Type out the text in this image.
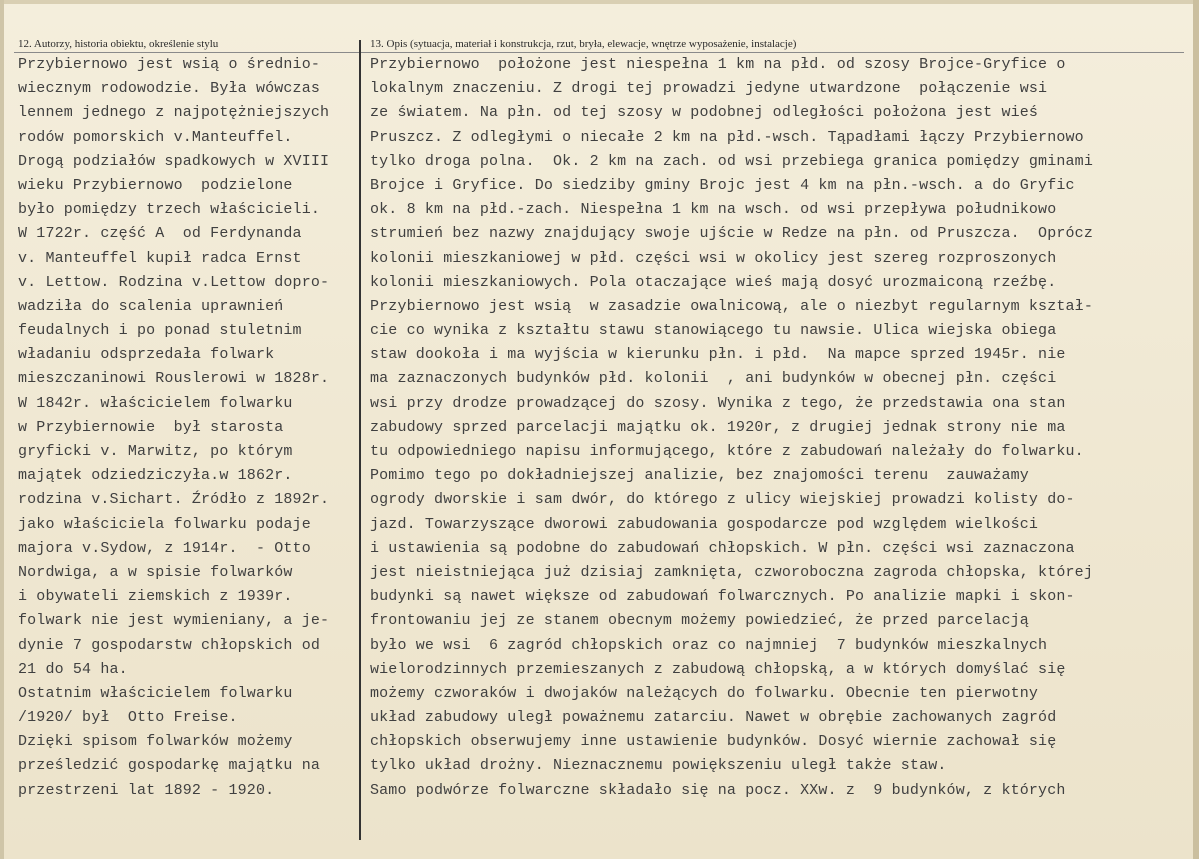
12. Autorzy, historia obiektu, określenie stylu	13. Opis (sytuacja, materiał i konstrukcja, rzut, bryła, elewacje, wnętrze wyposażenie, instalacje)
Przybiernowo jest wsią o średnio-
wiecznym rodowodzie. Była wówczas
lennem jednego z najpotężniejszych
rodów pomorskich v.Manteuffel.
Drogą podziałów spadkowych w XVIII
wieku Przybiernowo  podzielone
było pomiędzy trzech właścicieli.
W 1722r. część A  od Ferdynanda
v. Manteuffel kupił radca Ernst
v. Lettow. Rodzina v.Lettow dopro-
wadziła do scalenia uprawnień
feudalnych i po ponad stuletnim
władaniu odsprzedała folwark
mieszczaninowi Rouslerowi w 1828r.
W 1842r. właścicielem folwarku
w Przybiernowie  był starosta
gryficki v. Marwitz, po którym
majątek odziedziczyła.w 1862r.
rodzina v.Sichart. Źródło z 1892r.
jako właściciela folwarku podaje
majora v.Sydow, z 1914r.  - Otto
Nordwiga, a w spisie folwarków
i obywateli ziemskich z 1939r.
folwark nie jest wymieniany, a je-
dynie 7 gospodarstw chłopskich od
21 do 54 ha.
Ostatnim właścicielem folwarku
/1920/ był  Otto Freise.
Dzięki spisom folwarków możemy
prześledzić gospodarkę majątku na
przestrzeni lat 1892 - 1920.
Przybiernowo  położone jest niespełna 1 km na płd. od szosy Brojce-Gryfice o
lokalnym znaczeniu. Z drogi tej prowadzi jedyne utwardzone  połączenie wsi
ze światem. Na płn. od tej szosy w podobnej odległości położona jest wieś
Pruszcz. Z odległymi o niecałe 2 km na płd.-wsch. Tąpadłami łączy Przybiernowo
tylko droga polna.  Ok. 2 km na zach. od wsi przebiega granica pomiędzy gminami
Brojce i Gryfice. Do siedziby gminy Brojc jest 4 km na płn.-wsch. a do Gryfic
ok. 8 km na płd.-zach. Niespełna 1 km na wsch. od wsi przepływa południkowo
strumień bez nazwy znajdujący swoje ujście w Redze na płn. od Pruszcza.  Oprócz
kolonii mieszkaniowej w płd. części wsi w okolicy jest szereg rozproszonych
kolonii mieszkaniowych. Pola otaczające wieś mają dosyć urozmaiconą rzeźbę.
Przybiernowo jest wsią  w zasadzie owalnicową, ale o niezbyt regularnym kształ-
cie co wynika z kształtu stawu stanowiącego tu nawsie. Ulica wiejska obiega
staw dookoła i ma wyjścia w kierunku płn. i płd.  Na mapce sprzed 1945r. nie
ma zaznaczonych budynków płd. kolonii  , ani budynków w obecnej płn. części
wsi przy drodze prowadzącej do szosy. Wynika z tego, że przedstawia ona stan
zabudowy sprzed parcelacji majątku ok. 1920r, z drugiej jednak strony nie ma
tu odpowiedniego napisu informującego, które z zabudowań należały do folwarku.
Pomimo tego po dokładniejszej analizie, bez znajomości terenu  zauważamy
ogrody dworskie i sam dwór, do którego z ulicy wiejskiej prowadzi kolisty do-
jazd. Towarzyszące dworowi zabudowania gospodarcze pod względem wielkości
i ustawienia są podobne do zabudowań chłopskich. W płn. części wsi zaznaczona
jest nieistniejąca już dzisiaj zamknięta, czworoboczna zagroda chłopska, której
budynki są nawet większe od zabudowań folwarcznych. Po analizie mapki i skon-
frontowaniu jej ze stanem obecnym możemy powiedzieć, że przed parcelacją
było we wsi  6 zagród chłopskich oraz co najmniej  7 budynków mieszkalnych
wielorodzinnych przemieszanych z zabudową chłopską, a w których domyślać się
możemy czworaków i dwojaków należących do folwarku. Obecnie ten pierwotny
układ zabudowy uległ poważnemu zatarciu. Nawet w obrębie zachowanych zagród
chłopskich obserwujemy inne ustawienie budynków. Dosyć wiernie zachował się
tylko układ drożny. Nieznacznemu powiększeniu uległ także staw.
Samo podwórze folwarczne składało się na pocz. XXw. z  9 budynków, z których
